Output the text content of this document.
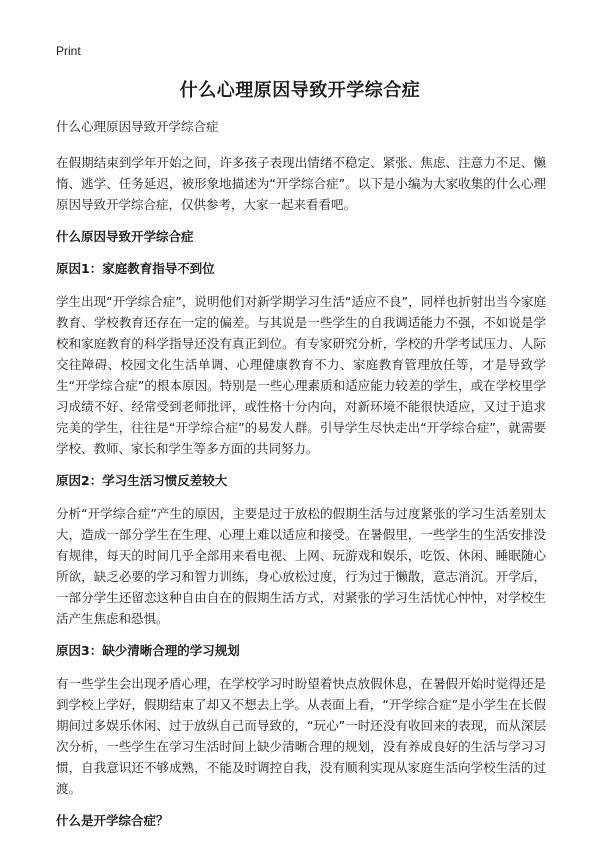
Print
什么心理原因导致开学综合症

什么心理原因导致开学综合症

在假期结束到学年开始之间，许多孩子表现出情绪不稳定、紧张、焦虑、注意力不足、懒惰、逃学、任务延迟，被形象地描述为“开学综合症”。以下是小编为大家收集的什么心理原因导致开学综合症，仅供参考，大家一起来看看吧。

什么原因导致开学综合症

原因1：家庭教育指导不到位

学生出现“开学综合症”，说明他们对新学期学习生活“适应不良”，同样也折射出当今家庭教育、学校教育还存在一定的偏差。与其说是一些学生的自我调适能力不强，不如说是学校和家庭教育的科学指导还没有真正到位。有专家研究分析，学校的升学考试压力、人际交往障碍、校园文化生活单调、心理健康教育不力、家庭教育管理放任等，才是导致学生“开学综合症”的根本原因。特别是一些心理素质和适应能力较差的学生，或在学校里学习成绩不好、经常受到老师批评，或性格十分内向，对新环境不能很快适应，又过于追求完美的学生，往往是“开学综合症”的易发人群。引导学生尽快走出“开学综合症”，就需要学校、教师、家长和学生等多方面的共同努力。

原因2：学习生活习惯反差较大

分析“开学综合症”产生的原因，主要是过于放松的假期生活与过度紧张的学习生活差别太大，造成一部分学生在生理、心理上难以适应和接受。在暑假里，一些学生的生活安排没有规律，每天的时间几乎全部用来看电视、上网、玩游戏和娱乐，吃饭、休闲、睡眠随心所欲，缺乏必要的学习和智力训练，身心放松过度，行为过于懒散，意志消沉。开学后，一部分学生还留恋这种自由自在的假期生活方式，对紧张的学习生活忧心忡忡，对学校生活产生焦虑和恐惧。

原因3：缺少清晰合理的学习规划

有一些学生会出现矛盾心理，在学校学习时盼望着快点放假休息，在暑假开始时觉得还是到学校上学好，假期结束了却又不想去上学。从表面上看，“开学综合症”是小学生在长假期间过多娱乐休闲、过于放纵自己而导致的，“玩心”一时还没有收回来的表现，而从深层次分析，一些学生在学习生活时间上缺少清晰合理的规划，没有养成良好的生活与学习习惯，自我意识还不够成熟，不能及时调控自我，没有顺利实现从家庭生活向学校生活的过渡。

什么是开学综合症？
